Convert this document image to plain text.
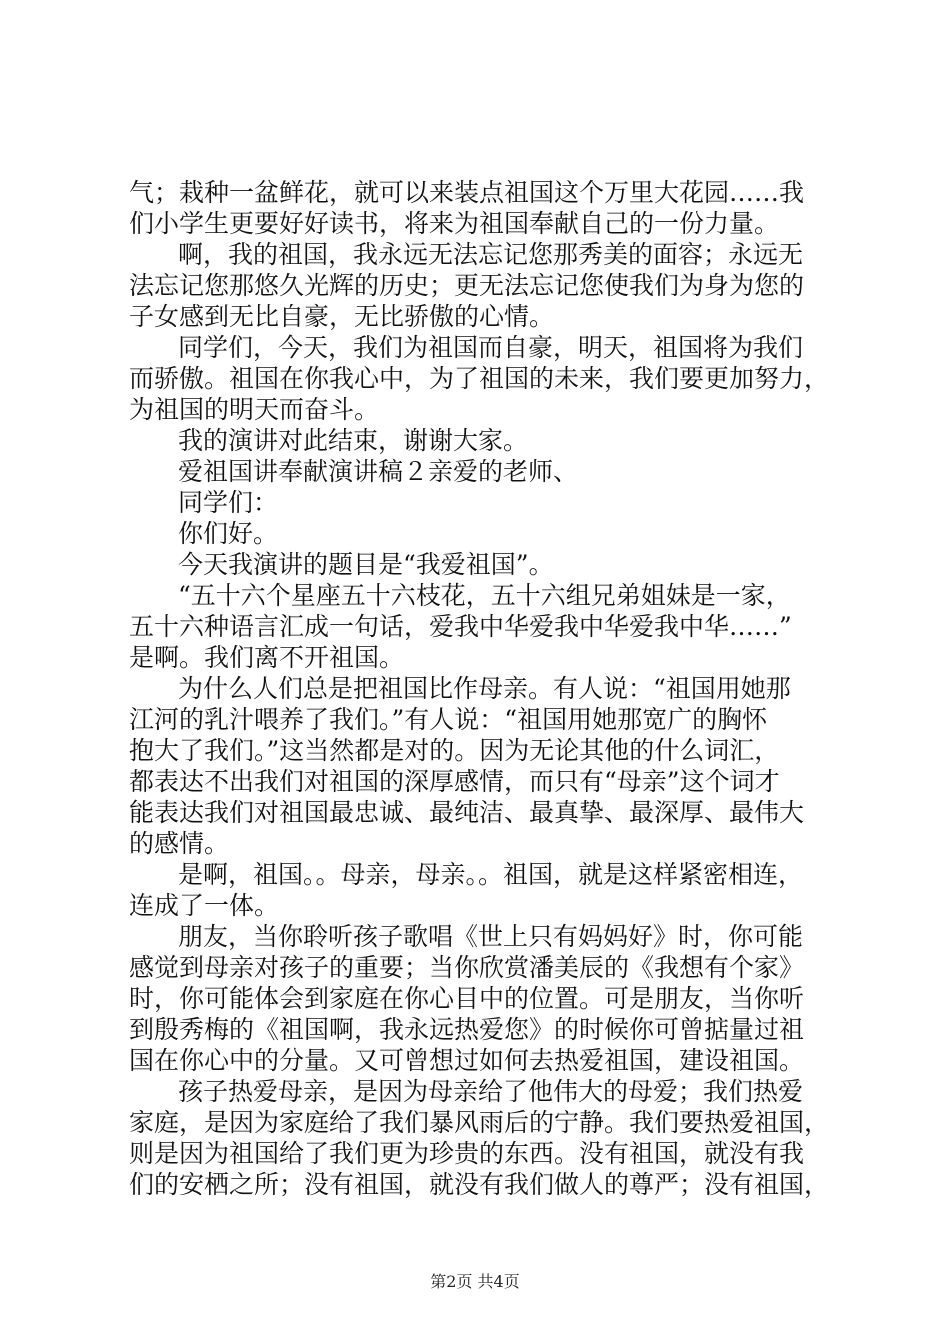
气；栽种一盆鲜花，就可以来装点祖国这个万里大花园……我
们小学生更要好好读书，将来为祖国奉献自己的一份力量。
啊，我的祖国，我永远无法忘记您那秀美的面容；永远无
法忘记您那悠久光辉的历史；更无法忘记您使我们为身为您的
子女感到无比自豪，无比骄傲的心情。
同学们，今天，我们为祖国而自豪，明天，祖国将为我们
而骄傲。祖国在你我心中，为了祖国的未来，我们要更加努力，
为祖国的明天而奋斗。
我的演讲对此结束，谢谢大家。
爱祖国讲奉献演讲稿２亲爱的老师、
同学们：
你们好。
今天我演讲的题目是“我爱祖国”。
“五十六个星座五十六枝花，五十六组兄弟姐妹是一家，
五十六种语言汇成一句话，爱我中华爱我中华爱我中华……”
是啊。我们离不开祖国。
为什么人们总是把祖国比作母亲。有人说：“祖国用她那
江河的乳汁喂养了我们。”有人说：“祖国用她那宽广的胸怀
抱大了我们。”这当然都是对的。因为无论其他的什么词汇，
都表达不出我们对祖国的深厚感情，而只有“母亲”这个词才
能表达我们对祖国最忠诚、最纯洁、最真挚、最深厚、最伟大
的感情。
是啊，祖国。。母亲，母亲。。祖国，就是这样紧密相连，
连成了一体。
朋友，当你聆听孩子歌唱《世上只有妈妈好》时，你可能
感觉到母亲对孩子的重要；当你欣赏潘美辰的《我想有个家》
时，你可能体会到家庭在你心目中的位置。可是朋友，当你听
到殷秀梅的《祖国啊，我永远热爱您》的时候你可曾掂量过祖
国在你心中的分量。又可曾想过如何去热爱祖国，建设祖国。
孩子热爱母亲，是因为母亲给了他伟大的母爱；我们热爱
家庭，是因为家庭给了我们暴风雨后的宁静。我们要热爱祖国，
则是因为祖国给了我们更为珍贵的东西。没有祖国，就没有我
们的安栖之所；没有祖国，就没有我们做人的尊严；没有祖国，
第2页 共4页
